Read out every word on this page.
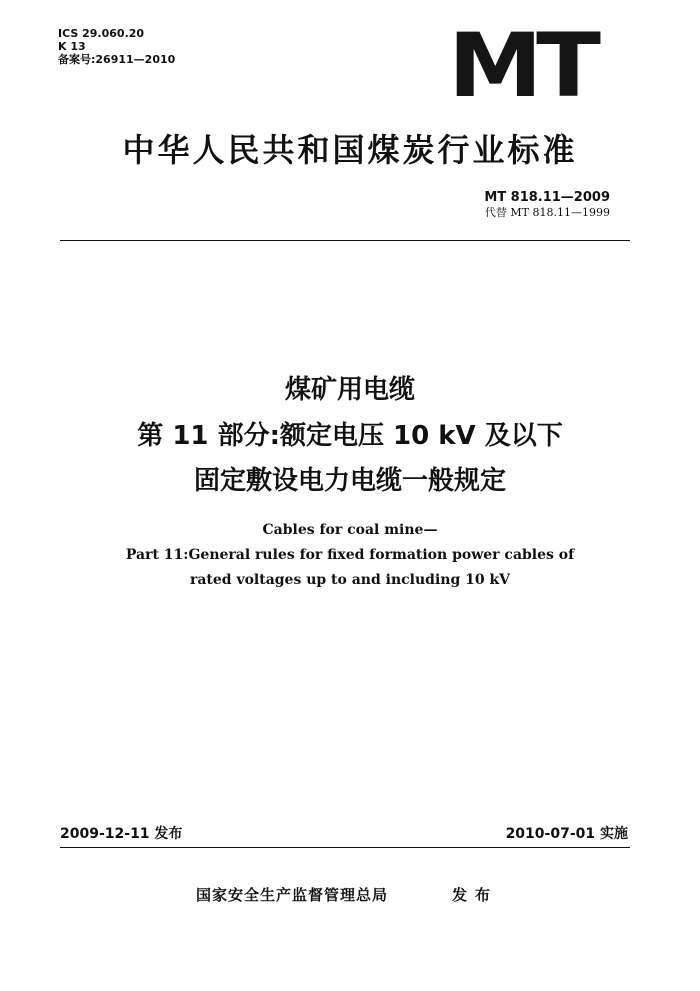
ICS 29.060.20
K 13
备案号:26911—2010	MT
中华人民共和国煤炭行业标准
MT 818.11—2009
代替 MT 818.11—1999
煤矿用电缆
第 11 部分:额定电压 10 kV 及以下
固定敷设电力电缆一般规定
Cables for coal mine—
Part 11:General rules for fixed formation power cables of
rated voltages up to and including 10 kV
2009-12-11 发布	2010-07-01 实施
国家安全生产监督管理总局	发布
